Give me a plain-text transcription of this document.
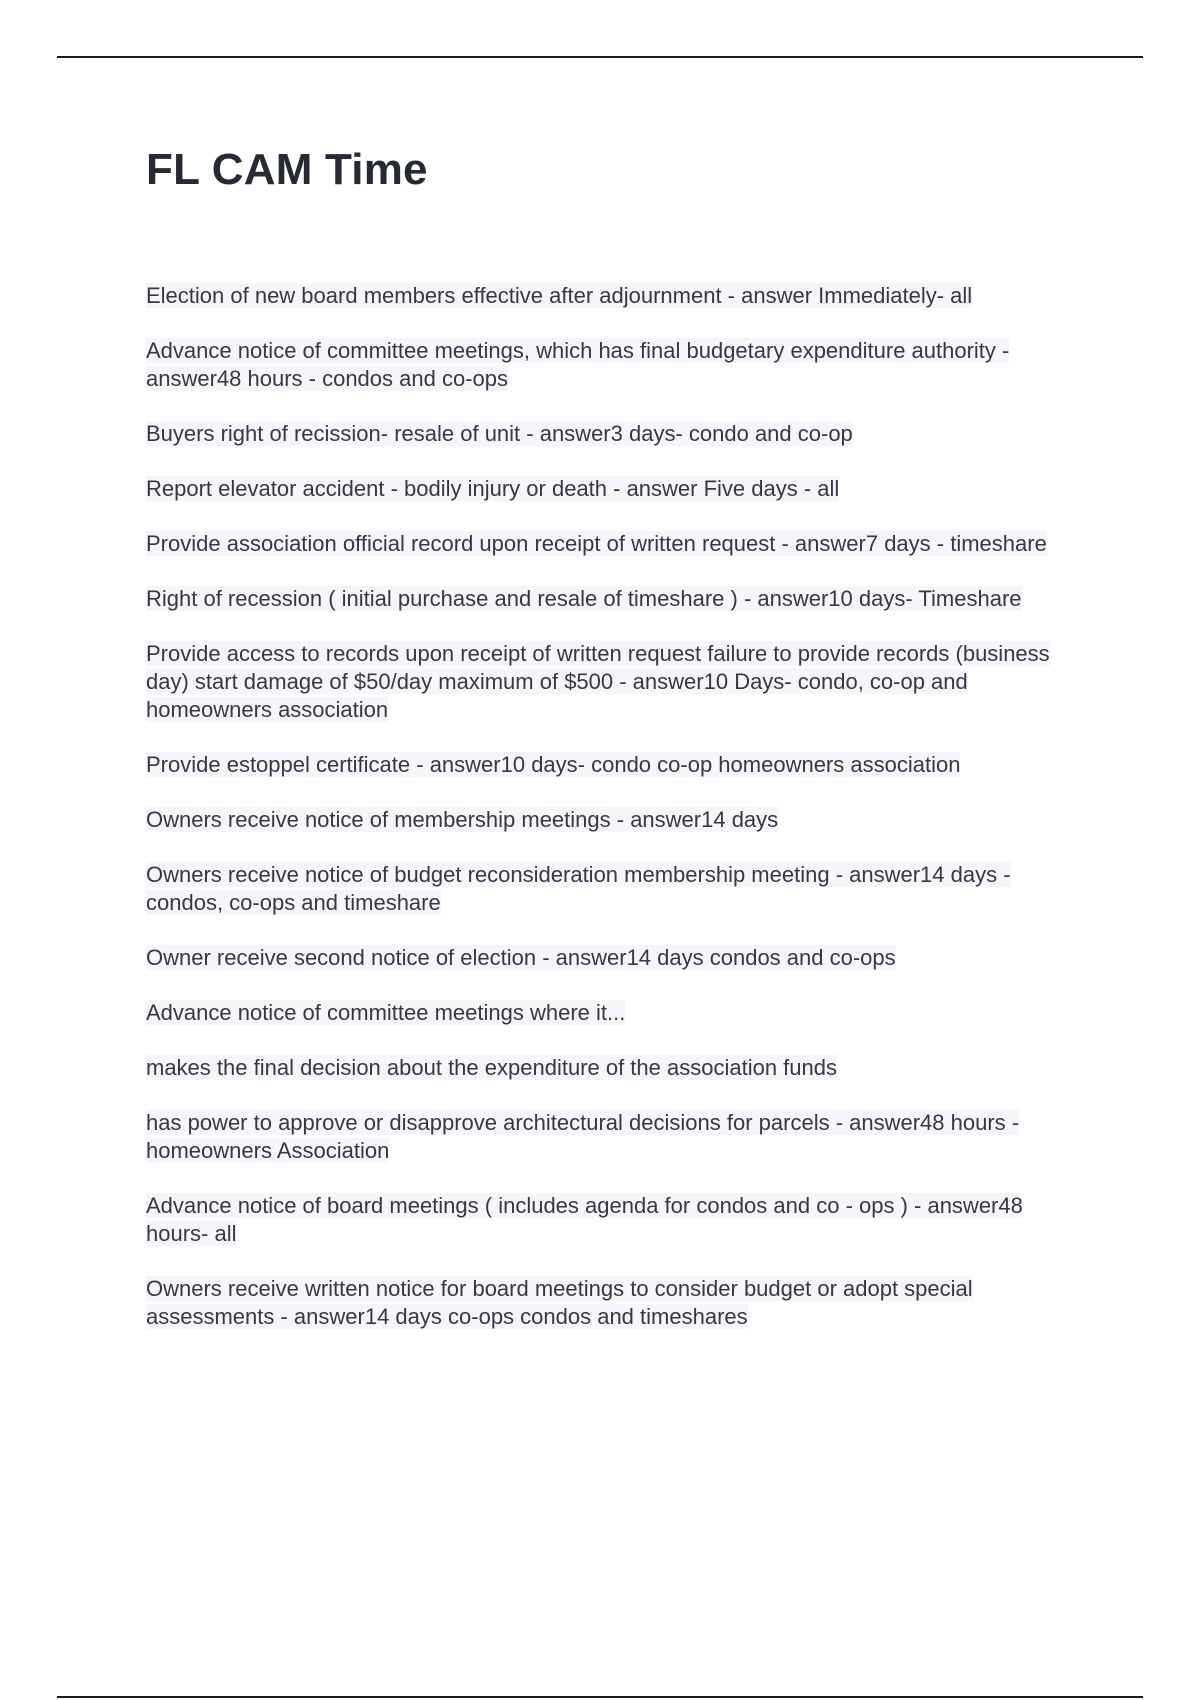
FL CAM Time
Election of new board members effective after adjournment - answer Immediately- all
Advance notice of committee meetings, which has final budgetary expenditure authority - answer48 hours - condos and co-ops
Buyers right of recission- resale of unit - answer3 days- condo and co-op
Report elevator accident - bodily injury or death - answer Five days - all
Provide association official record upon receipt of written request - answer7 days - timeshare
Right of recession ( initial purchase and resale of timeshare ) - answer10 days- Timeshare
Provide access to records upon receipt of written request failure to provide records (business day) start damage of $50/day maximum of $500 - answer10 Days- condo, co-op and homeowners association
Provide estoppel certificate - answer10 days- condo co-op homeowners association
Owners receive notice of membership meetings - answer14 days
Owners receive notice of budget reconsideration membership meeting - answer14 days - condos, co-ops and timeshare
Owner receive second notice of election - answer14 days condos and co-ops
Advance notice of committee meetings where it...
makes the final decision about the expenditure of the association funds
has power to approve or disapprove architectural decisions for parcels - answer48 hours - homeowners Association
Advance notice of board meetings ( includes agenda for condos and co - ops ) - answer48 hours- all
Owners receive written notice for board meetings to consider budget or adopt special assessments - answer14 days co-ops condos and timeshares
